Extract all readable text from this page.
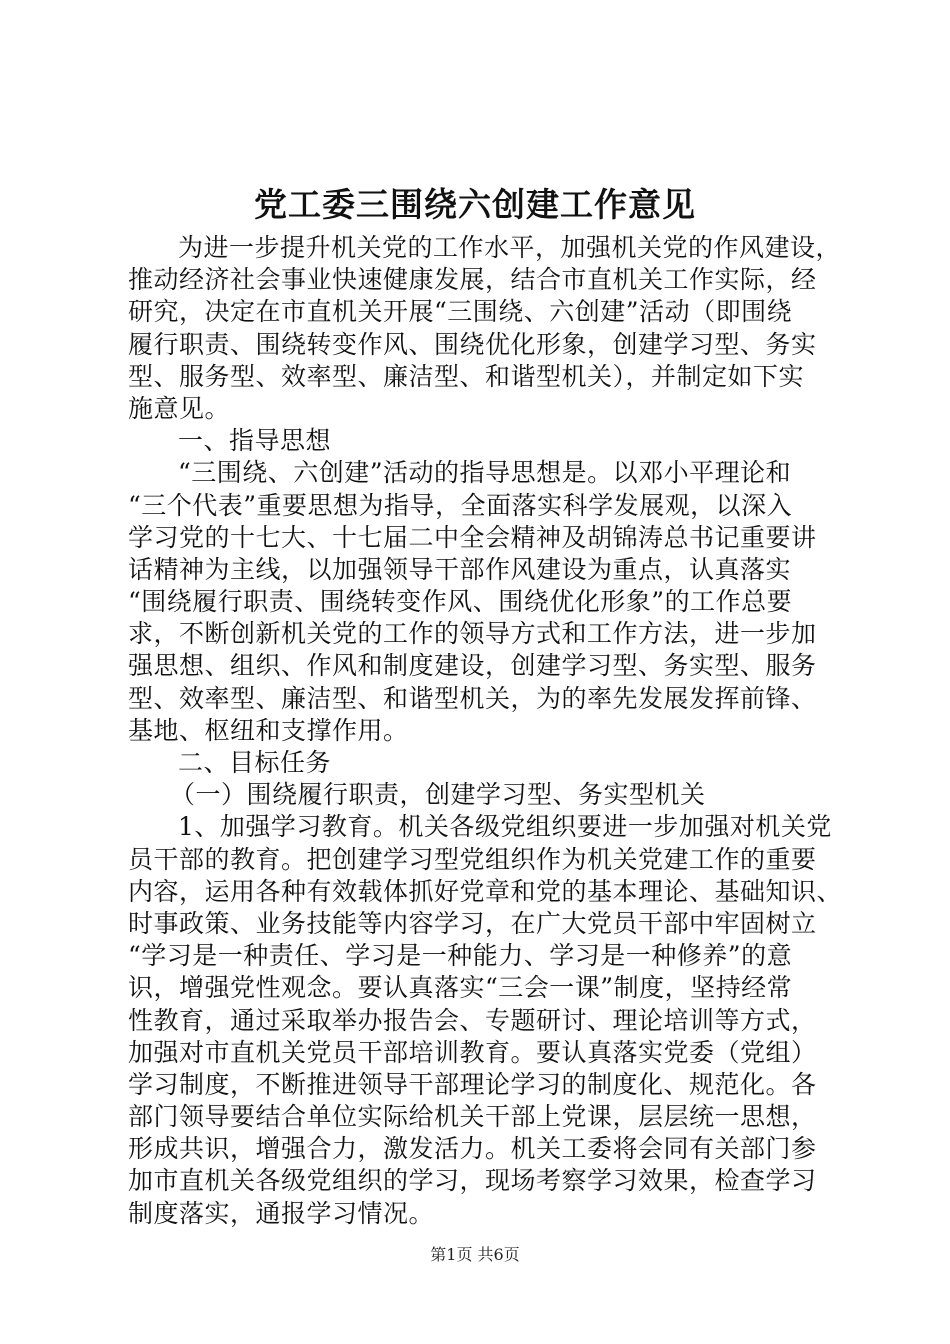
党工委三围绕六创建工作意见
为进一步提升机关党的工作水平，加强机关党的作风建设，
推动经济社会事业快速健康发展，结合市直机关工作实际，经
研究，决定在市直机关开展“三围绕、六创建”活动（即围绕
履行职责、围绕转变作风、围绕优化形象，创建学习型、务实
型、服务型、效率型、廉洁型、和谐型机关），并制定如下实
施意见。
一、指导思想
“三围绕、六创建”活动的指导思想是。以邓小平理论和
“三个代表”重要思想为指导，全面落实科学发展观，以深入
学习党的十七大、十七届二中全会精神及胡锦涛总书记重要讲
话精神为主线，以加强领导干部作风建设为重点，认真落实
“围绕履行职责、围绕转变作风、围绕优化形象”的工作总要
求，不断创新机关党的工作的领导方式和工作方法，进一步加
强思想、组织、作风和制度建设，创建学习型、务实型、服务
型、效率型、廉洁型、和谐型机关，为的率先发展发挥前锋、
基地、枢纽和支撑作用。
二、目标任务
（一）围绕履行职责，创建学习型、务实型机关
1、加强学习教育。机关各级党组织要进一步加强对机关党
员干部的教育。把创建学习型党组织作为机关党建工作的重要
内容，运用各种有效载体抓好党章和党的基本理论、基础知识、
时事政策、业务技能等内容学习，在广大党员干部中牢固树立
“学习是一种责任、学习是一种能力、学习是一种修养”的意
识，增强党性观念。要认真落实“三会一课”制度，坚持经常
性教育，通过采取举办报告会、专题研讨、理论培训等方式，
加强对市直机关党员干部培训教育。要认真落实党委（党组）
学习制度，不断推进领导干部理论学习的制度化、规范化。各
部门领导要结合单位实际给机关干部上党课，层层统一思想，
形成共识，增强合力，激发活力。机关工委将会同有关部门参
加市直机关各级党组织的学习，现场考察学习效果，检查学习
制度落实，通报学习情况。
第1页 共6页
